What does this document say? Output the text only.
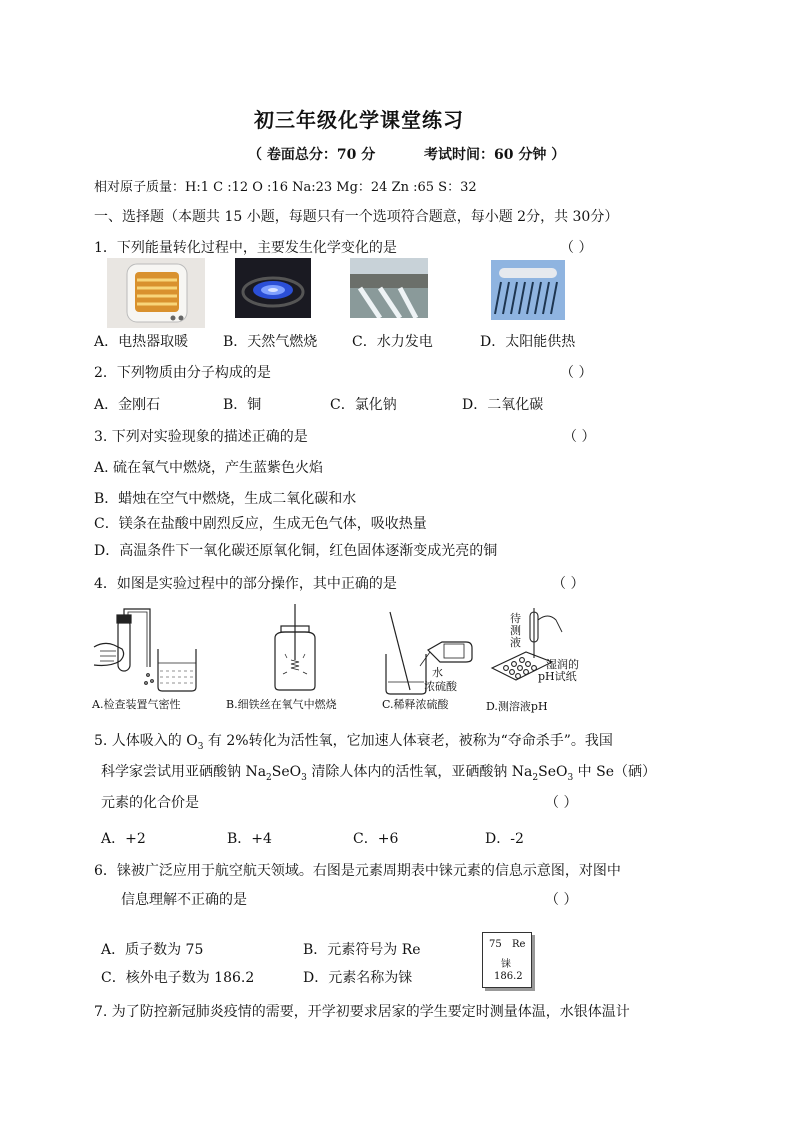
初三年级化学课堂练习
（ 卷面总分：70 分	考试时间：60 分钟 ）
相对原子质量：H:1 C :12 O :16 Na:23 Mg：24 Zn :65 S：32
一、选择题（本题共 15 小题，每题只有一个选项符合题意，每小题 2分，共 30分）
1．下列能量转化过程中，主要发生化学变化的是	（ ）
A．电热器取暖 B．天然气燃烧 C．水力发电	D．太阳能供热
2．下列物质由分子构成的是	（ ）
A．金刚石	B．铜	C．氯化钠	D．二氧化碳
3. 下列对实验现象的描述正确的是	（ ）
A. 硫在氧气中燃烧，产生蓝紫色火焰
B．蜡烛在空气中燃烧，生成二氧化碳和水
C．镁条在盐酸中剧烈反应，生成无色气体，吸收热量
D．高温条件下一氧化碳还原氧化铜，红色固体逐渐变成光亮的铜
4．如图是实验过程中的部分操作，其中正确的是	（ ）
A.检查装置气密性	B.细铁丝在氧气中燃烧
水
浓硫酸
C.稀释浓硫酸
待
测
液
湿润的
pH试纸
D.测溶液pH
5. 人体吸入的 $O_3$ 有 2%转化为活性氧，它加速人体衰老，被称为“夺命杀手”。我国
科学家尝试用亚硒酸钠 $Na_2SeO_3$ 清除人体内的活性氧，亚硒酸钠 $Na_2SeO_3$ 中 Se（硒）
元素的化合价是	（ ）
A．+2	B．+4	C．+6	D．-2
6．铼被广泛应用于航空航天领域。右图是元素周期表中铼元素的信息示意图，对图中
信息理解不正确的是	（ ）
A．质子数为 75	B．元素符号为 Re
C．核外电子数为 186.2	D．元素名称为铼
75 Re
铼
186.2
7. 为了防控新冠肺炎疫情的需要，开学初要求居家的学生要定时测量体温，水银体温计
